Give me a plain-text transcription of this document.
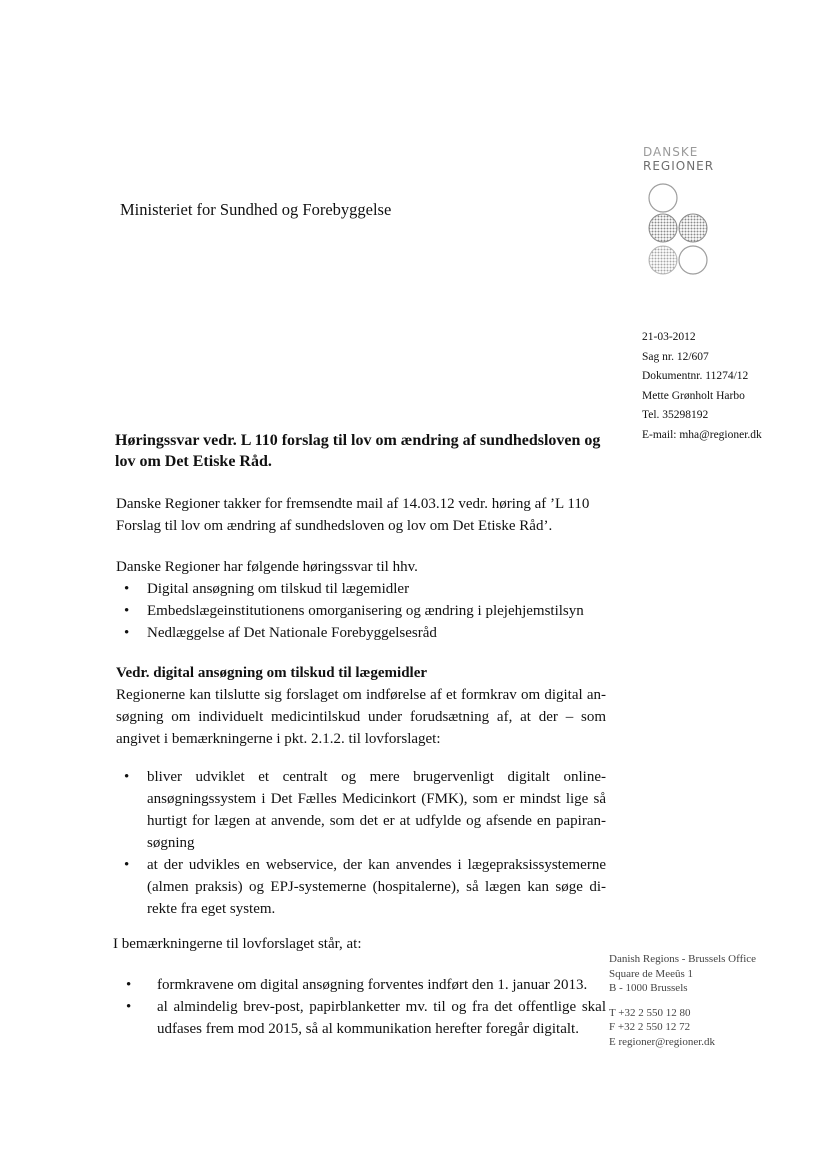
DANSKE
REGIONER
Ministeriet for Sundhed og Forebyggelse
21-03-2012
Sag nr. 12/607
Dokumentnr. 11274/12
Mette Grønholt Harbo
Tel. 35298192
E-mail: mha@regioner.dk
Høringssvar vedr. L 110 forslag til lov om ændring af sundhedsloven og lov om Det Etiske Råd.
Danske Regioner takker for fremsendte mail af 14.03.12 vedr. høring af ’L 110 Forslag til lov om ændring af sundhedsloven og lov om Det Etiske Råd’.
Danske Regioner har følgende høringssvar til hhv.
• Digital ansøgning om tilskud til lægemidler
• Embedslægeinstitutionens omorganisering og ændring i plejehjemstilsyn
• Nedlæggelse af Det Nationale Forebyggelsesråd
Vedr. digital ansøgning om tilskud til lægemidler
Regionerne kan tilslutte sig forslaget om indførelse af et formkrav om digital ansøgning om individuelt medicintilskud under forudsætning af, at der – som angivet i bemærkningerne i pkt. 2.1.2. til lovforslaget:
• bliver udviklet et centralt og mere brugervenligt digitalt onlineansøgningssystem i Det Fælles Medicinkort (FMK), som er mindst lige så hurtigt for lægen at anvende, som det er at udfylde og afsende en papiransøgning
• at der udvikles en webservice, der kan anvendes i lægepraksissystemerne (almen praksis) og EPJ-systemerne (hospitalerne), så lægen kan søge direkte fra eget system.
I bemærkningerne til lovforslaget står, at:
• formkravene om digital ansøgning forventes indført den 1. januar 2013.
• al almindelig brev-post, papirblanketter mv. til og fra det offentlige skal udfases frem mod 2015, så al kommunikation herefter foregår digitalt.
Danish Regions - Brussels Office
Square de Meeûs 1
B - 1000 Brussels
T +32 2 550 12 80
F +32 2 550 12 72
E regioner@regioner.dk
